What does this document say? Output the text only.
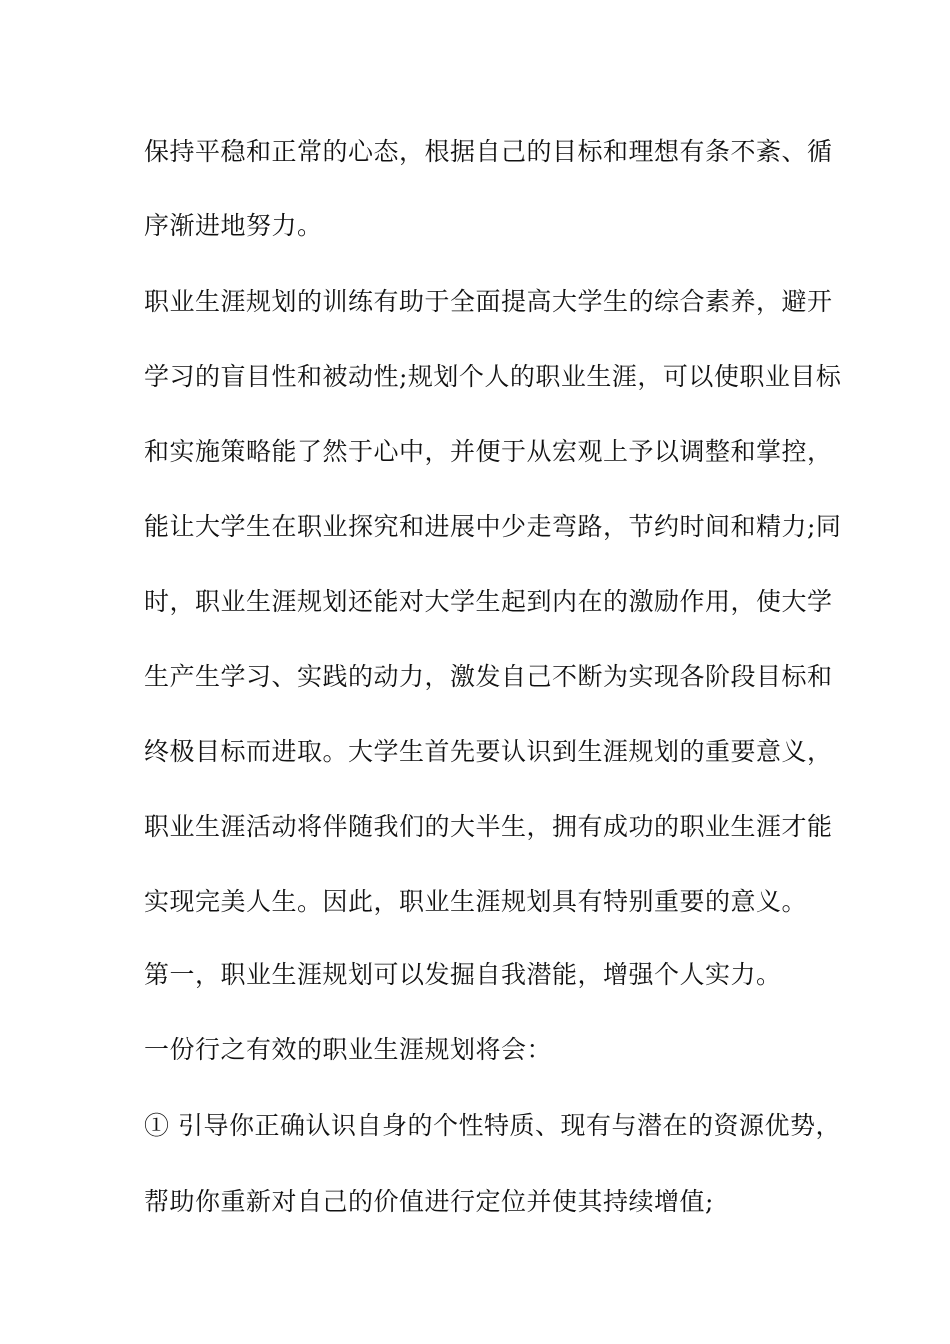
保持平稳和正常的心态，根据自己的目标和理想有条不紊、循
序渐进地努力。
职业生涯规划的训练有助于全面提高大学生的综合素养，避开
学习的盲目性和被动性;规划个人的职业生涯，可以使职业目标
和实施策略能了然于心中，并便于从宏观上予以调整和掌控，
能让大学生在职业探究和进展中少走弯路，节约时间和精力;同
时，职业生涯规划还能对大学生起到内在的激励作用，使大学
生产生学习、实践的动力，激发自己不断为实现各阶段目标和
终极目标而进取。大学生首先要认识到生涯规划的重要意义，
职业生涯活动将伴随我们的大半生，拥有成功的职业生涯才能
实现完美人生。因此，职业生涯规划具有特别重要的意义。
第一，职业生涯规划可以发掘自我潜能，增强个人实力。
一份行之有效的职业生涯规划将会：
① 引导你正确认识自身的个性特质、现有与潜在的资源优势，
帮助你重新对自己的价值进行定位并使其持续增值;
